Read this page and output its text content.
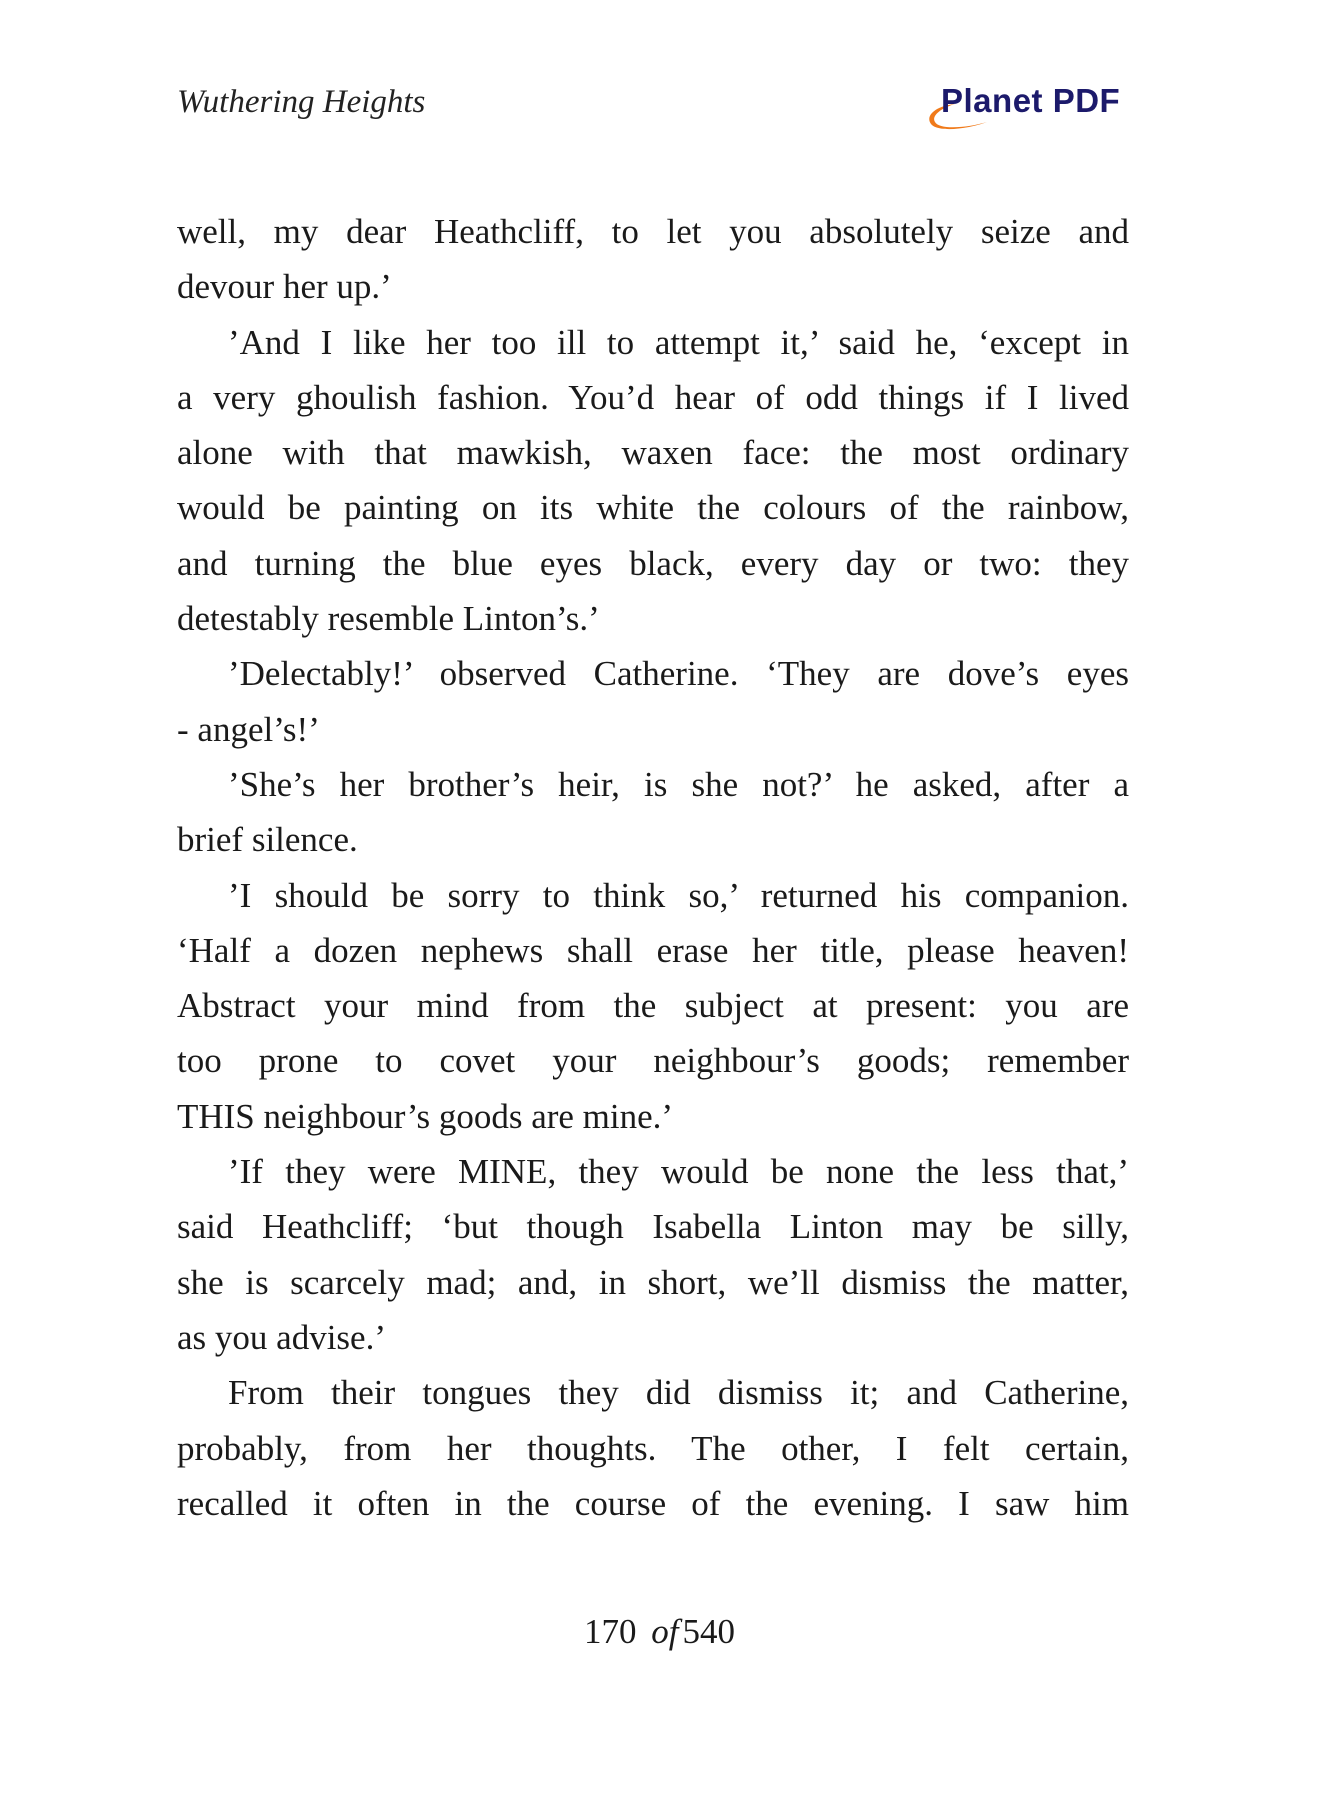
Wuthering Heights	Planet PDF
well, my dear Heathcliff, to let you absolutely seize and
devour her up.’
’And I like her too ill to attempt it,’ said he, ‘except in
a very ghoulish fashion. You’d hear of odd things if I lived
alone with that mawkish, waxen face: the most ordinary
would be painting on its white the colours of the rainbow,
and turning the blue eyes black, every day or two: they
detestably resemble Linton’s.’
’Delectably!’ observed Catherine. ‘They are dove’s eyes
- angel’s!’
’She’s her brother’s heir, is she not?’ he asked, after a
brief silence.
’I should be sorry to think so,’ returned his companion.
‘Half a dozen nephews shall erase her title, please heaven!
Abstract your mind from the subject at present: you are
too prone to covet your neighbour’s goods; remember
THIS neighbour’s goods are mine.’
’If they were MINE, they would be none the less that,’
said Heathcliff; ‘but though Isabella Linton may be silly,
she is scarcely mad; and, in short, we’ll dismiss the matter,
as you advise.’
From their tongues they did dismiss it; and Catherine,
probably, from her thoughts. The other, I felt certain,
recalled it often in the course of the evening. I saw him
170 of 540
